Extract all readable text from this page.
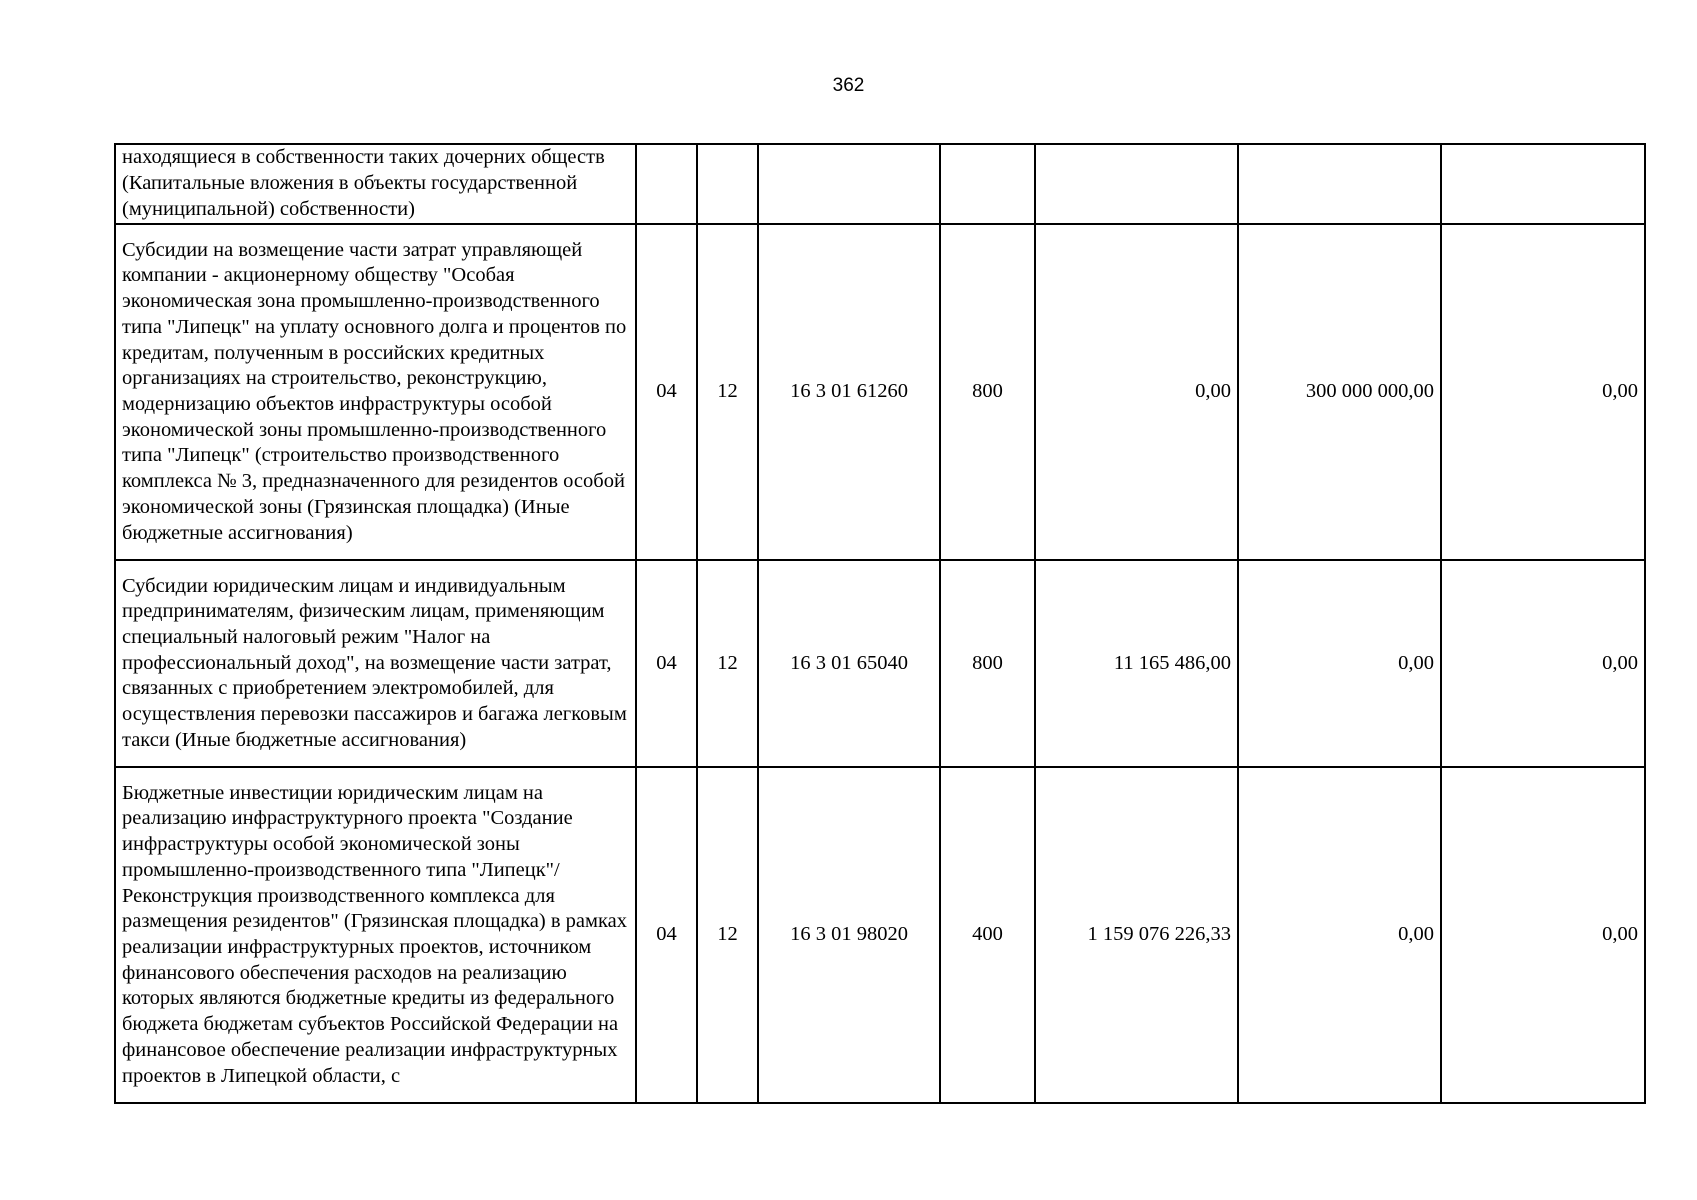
362
находящиеся в собственности таких дочерних обществ (Капитальные вложения в объекты государственной (муниципальной) собственности)							
Субсидии на возмещение части затрат управляющей компании - акционерному обществу "Особая экономическая зона промышленно-производственного типа "Липецк" на уплату основного долга и процентов по кредитам, полученным в российских кредитных организациях на строительство, реконструкцию, модернизацию объектов инфраструктуры особой экономической зоны промышленно-производственного типа "Липецк" (строительство производственного комплекса № 3, предназначенного для резидентов особой экономической зоны (Грязинская площадка) (Иные бюджетные ассигнования)	04	12	16 3 01 61260	800	0,00	300 000 000,00	0,00
Субсидии юридическим лицам и индивидуальным предпринимателям, физическим лицам, применяющим специальный налоговый режим "Налог на профессиональный доход", на возмещение части затрат, связанных с приобретением электромобилей, для осуществления перевозки пассажиров и багажа легковым такси (Иные бюджетные ассигнования)	04	12	16 3 01 65040	800	11 165 486,00	0,00	0,00
Бюджетные инвестиции юридическим лицам на реализацию инфраструктурного проекта "Создание инфраструктуры особой экономической зоны промышленно-производственного типа "Липецк"/Реконструкция производственного комплекса для размещения резидентов" (Грязинская площадка) в рамках реализации инфраструктурных проектов, источником финансового обеспечения расходов на реализацию которых являются бюджетные кредиты из федерального бюджета бюджетам субъектов Российской Федерации на финансовое обеспечение реализации инфраструктурных проектов в Липецкой области, с	04	12	16 3 01 98020	400	1 159 076 226,33	0,00	0,00
